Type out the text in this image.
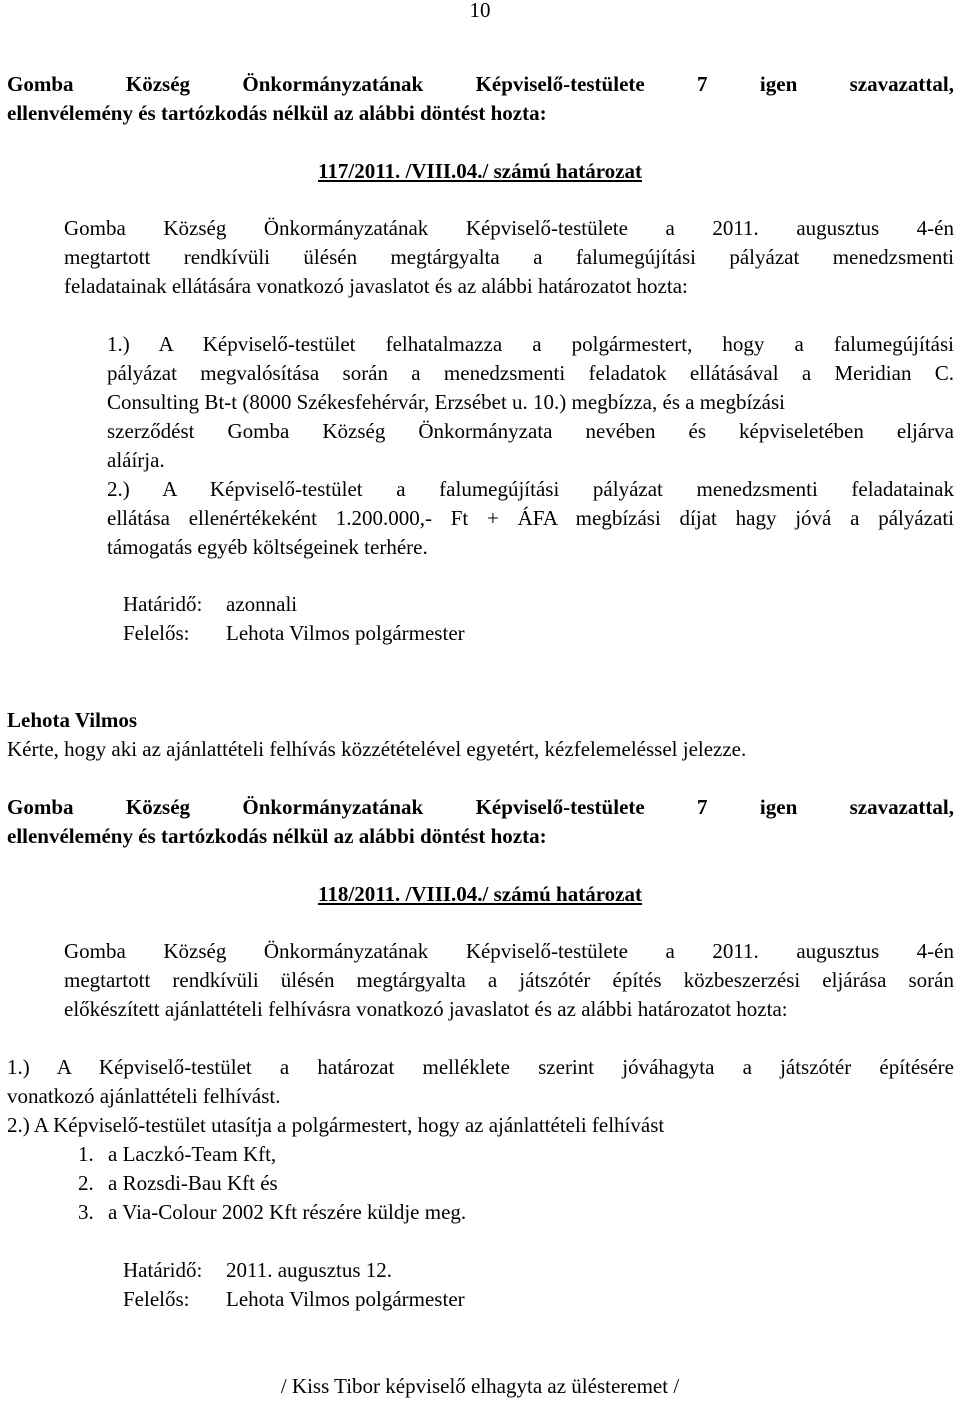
10
Gomba Község Önkormányzatának Képviselő-testülete 7 igen szavazattal,
ellenvélemény és tartózkodás nélkül az alábbi döntést hozta:
117/2011. /VIII.04./ számú határozat
Gomba Község Önkormányzatának Képviselő-testülete a 2011. augusztus 4-én
megtartott rendkívüli ülésén megtárgyalta a falumegújítási pályázat menedzsmenti
feladatainak ellátására vonatkozó javaslatot és az alábbi határozatot hozta:
1.) A Képviselő-testület felhatalmazza a polgármestert, hogy a falumegújítási
pályázat megvalósítása során a menedzsmenti feladatok ellátásával a Meridian C.
Consulting Bt-t (8000 Székesfehérvár, Erzsébet u. 10.) megbízza, és a megbízási
szerződést Gomba Község Önkormányzata nevében és képviseletében eljárva
aláírja.
2.) A Képviselő-testület a falumegújítási pályázat menedzsmenti feladatainak
ellátása ellenértékeként 1.200.000,- Ft + ÁFA megbízási díjat hagy jóvá a pályázati
támogatás egyéb költségeinek terhére.
Határidő: azonnali
Felelős: Lehota Vilmos polgármester
Lehota Vilmos
Kérte, hogy aki az ajánlattételi felhívás közzétételével egyetért, kézfelemeléssel jelezze.
Gomba Község Önkormányzatának Képviselő-testülete 7 igen szavazattal,
ellenvélemény és tartózkodás nélkül az alábbi döntést hozta:
118/2011. /VIII.04./ számú határozat
Gomba Község Önkormányzatának Képviselő-testülete a 2011. augusztus 4-én
megtartott rendkívüli ülésén megtárgyalta a játszótér építés közbeszerzési eljárása során
előkészített ajánlattételi felhívásra vonatkozó javaslatot és az alábbi határozatot hozta:
1.) A Képviselő-testület a határozat melléklete szerint jóváhagyta a játszótér építésére
vonatkozó ajánlattételi felhívást.
2.) A Képviselő-testület utasítja a polgármestert, hogy az ajánlattételi felhívást
1. a Laczkó-Team Kft,
2. a Rozsdi-Bau Kft és
3. a Via-Colour 2002 Kft részére küldje meg.
Határidő: 2011. augusztus 12.
Felelős: Lehota Vilmos polgármester
/ Kiss Tibor képviselő elhagyta az ülésteremet /
